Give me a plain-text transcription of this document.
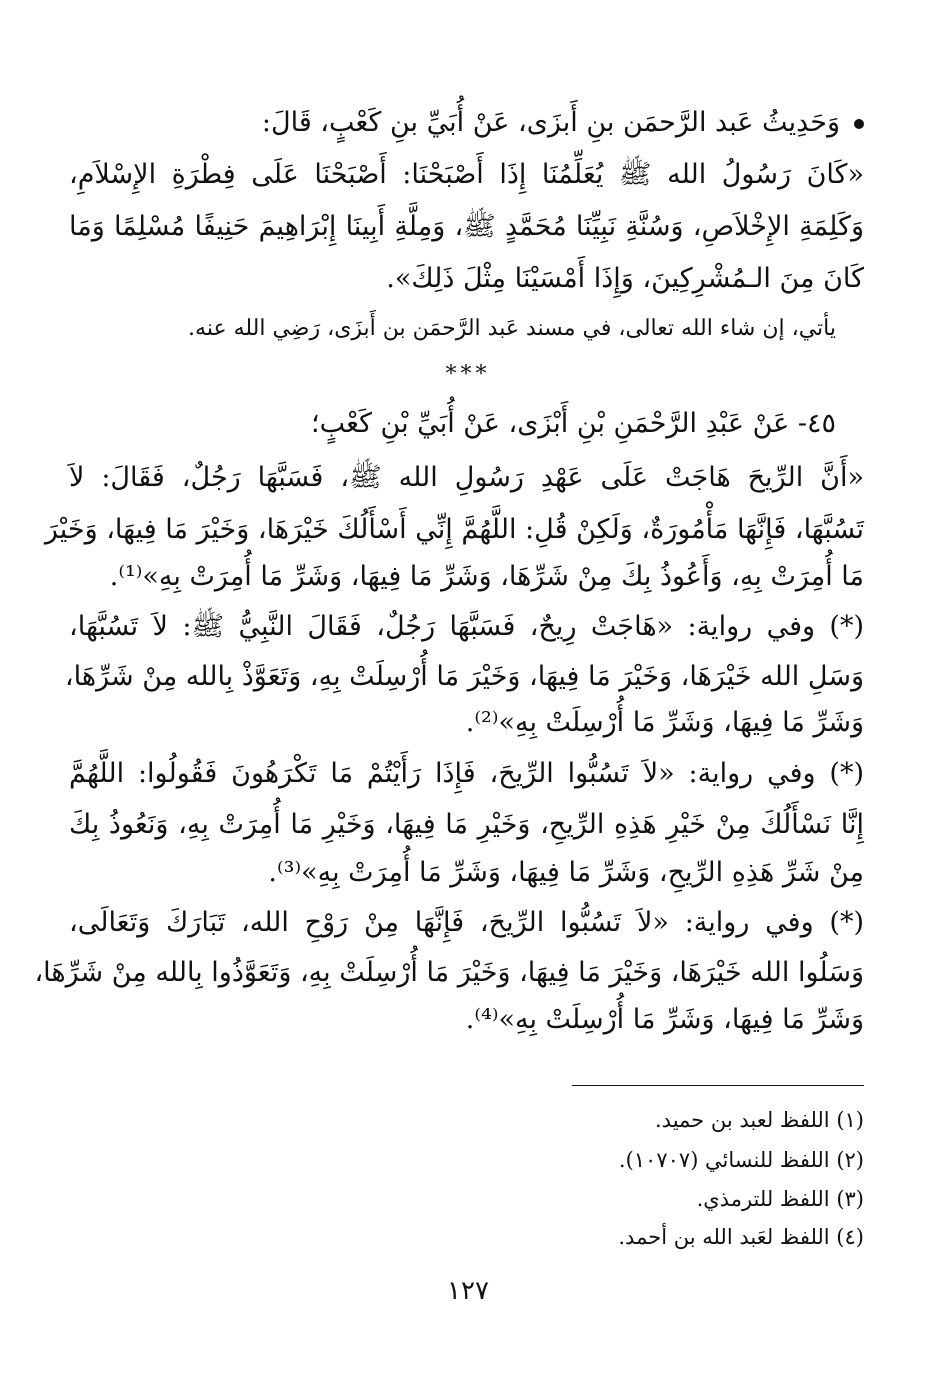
وَحَدِيثُ عَبد الرَّحمَن بنِ أَبزَى، عَنْ أُبَيِّ بنِ كَعْبٍ، قَالَ:
«كَانَ رَسُولُ الله ﷺ يُعَلِّمُنَا إِذَا أَصْبَحْنَا: أَصْبَحْنَا عَلَى فِطْرَةِ الإِسْلاَمِ،
وَكَلِمَةِ الإِخْلاَصِ، وَسُنَّةِ نَبِيِّنَا مُحَمَّدٍ ﷺ، وَمِلَّةِ أَبِينَا إِبْرَاهِيمَ حَنِيفًا مُسْلِمًا وَمَا
كَانَ مِنَ الـمُشْرِكِينَ، وَإِذَا أَمْسَيْنَا مِثْلَ ذَلِكَ».
يأتي، إن شاء الله تعالى، في مسند عَبد الرَّحمَن بن أَبزَى، رَضِي الله عنه.
***
٤٥- عَنْ عَبْدِ الرَّحْمَنِ بْنِ أَبْزَى، عَنْ أُبَيِّ بْنِ كَعْبٍ؛
«أَنَّ الرِّيحَ هَاجَتْ عَلَى عَهْدِ رَسُولِ الله ﷺ، فَسَبَّهَا رَجُلٌ، فَقَالَ: لاَ
تَسُبَّهَا، فَإِنَّهَا مَأْمُورَةٌ، وَلَكِنْ قُلِ: اللَّهُمَّ إِنِّي أَسْأَلُكَ خَيْرَهَا، وَخَيْرَ مَا فِيهَا، وَخَيْرَ
مَا أُمِرَتْ بِهِ، وَأَعُوذُ بِكَ مِنْ شَرِّهَا، وَشَرِّ مَا فِيهَا، وَشَرِّ مَا أُمِرَتْ بِهِ»⁽¹⁾.
(*) وفي رواية: «هَاجَتْ رِيحٌ، فَسَبَّهَا رَجُلٌ، فَقَالَ النَّبِيُّ ﷺ: لاَ تَسُبَّهَا،
وَسَلِ الله خَيْرَهَا، وَخَيْرَ مَا فِيهَا، وَخَيْرَ مَا أُرْسِلَتْ بِهِ، وَتَعَوَّذْ بِالله مِنْ شَرِّهَا،
وَشَرِّ مَا فِيهَا، وَشَرِّ مَا أُرْسِلَتْ بِهِ»⁽²⁾.
(*) وفي رواية: «لاَ تَسُبُّوا الرِّيحَ، فَإِذَا رَأَيْتُمْ مَا تَكْرَهُونَ فَقُولُوا: اللَّهُمَّ
إِنَّا نَسْأَلُكَ مِنْ خَيْرِ هَذِهِ الرِّيحِ، وَخَيْرِ مَا فِيهَا، وَخَيْرِ مَا أُمِرَتْ بِهِ، وَنَعُوذُ بِكَ
مِنْ شَرِّ هَذِهِ الرِّيحِ، وَشَرِّ مَا فِيهَا، وَشَرِّ مَا أُمِرَتْ بِهِ»⁽³⁾.
(*) وفي رواية: «لاَ تَسُبُّوا الرِّيحَ، فَإِنَّهَا مِنْ رَوْحِ الله، تَبَارَكَ وَتَعَالَى،
وَسَلُوا الله خَيْرَهَا، وَخَيْرَ مَا فِيهَا، وَخَيْرَ مَا أُرْسِلَتْ بِهِ، وَتَعَوَّذُوا بِالله مِنْ شَرِّهَا،
وَشَرِّ مَا فِيهَا، وَشَرِّ مَا أُرْسِلَتْ بِهِ»⁽⁴⁾.
(١) اللفظ لعبد بن حميد.
(٢) اللفظ للنسائي (١٠٧٠٧).
(٣) اللفظ للترمذي.
(٤) اللفظ لعَبد الله بن أحمد.
١٢٧
